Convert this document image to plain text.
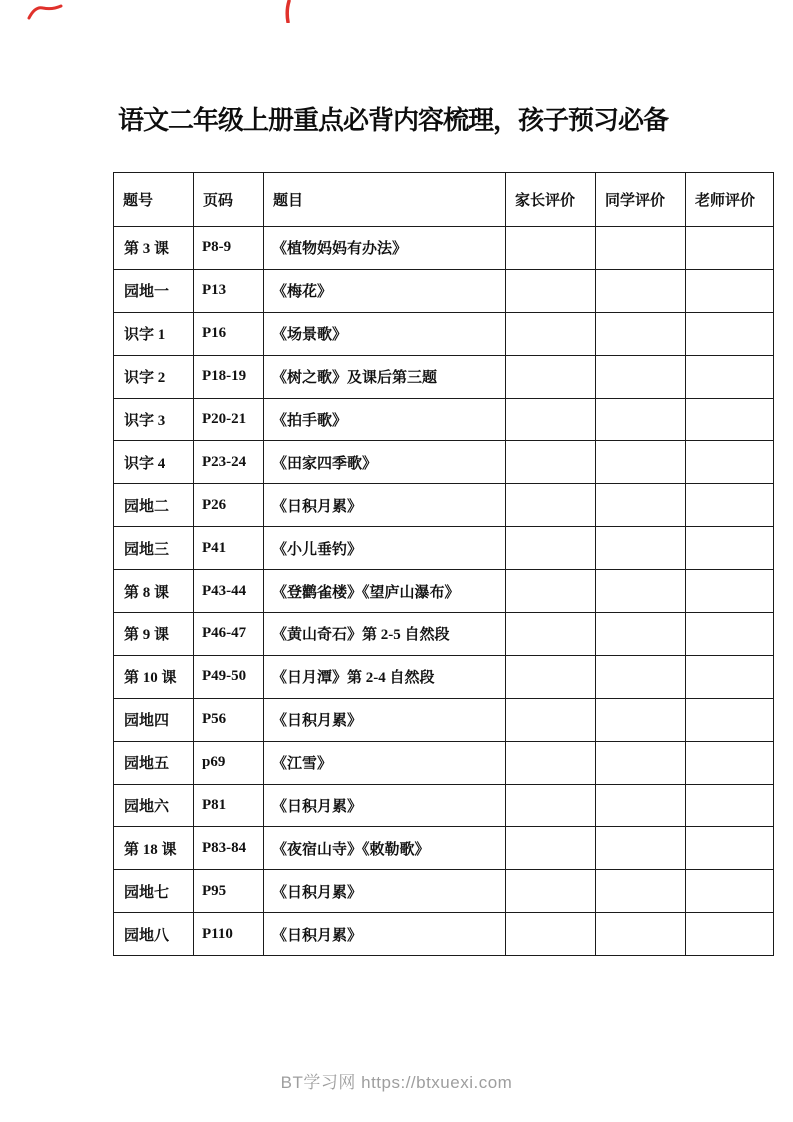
语文二年级上册重点必背内容梳理，孩子预习必备
题号	页码	题目	家长评价	同学评价	老师评价
第 3 课	P8-9	《植物妈妈有办法》			
园地一	P13	《梅花》			
识字 1	P16	《场景歌》			
识字 2	P18-19	《树之歌》及课后第三题			
识字 3	P20-21	《拍手歌》			
识字 4	P23-24	《田家四季歌》			
园地二	P26	《日积月累》			
园地三	P41	《小儿垂钓》			
第 8 课	P43-44	《登鹳雀楼》《望庐山瀑布》			
第 9 课	P46-47	《黄山奇石》第 2-5 自然段			
第 10 课	P49-50	《日月潭》第 2-4 自然段			
园地四	P56	《日积月累》			
园地五	p69	《江雪》			
园地六	P81	《日积月累》			
第 18 课	P83-84	《夜宿山寺》《敕勒歌》			
园地七	P95	《日积月累》			
园地八	P110	《日积月累》			
BT学习网 https://btxuexi.com
